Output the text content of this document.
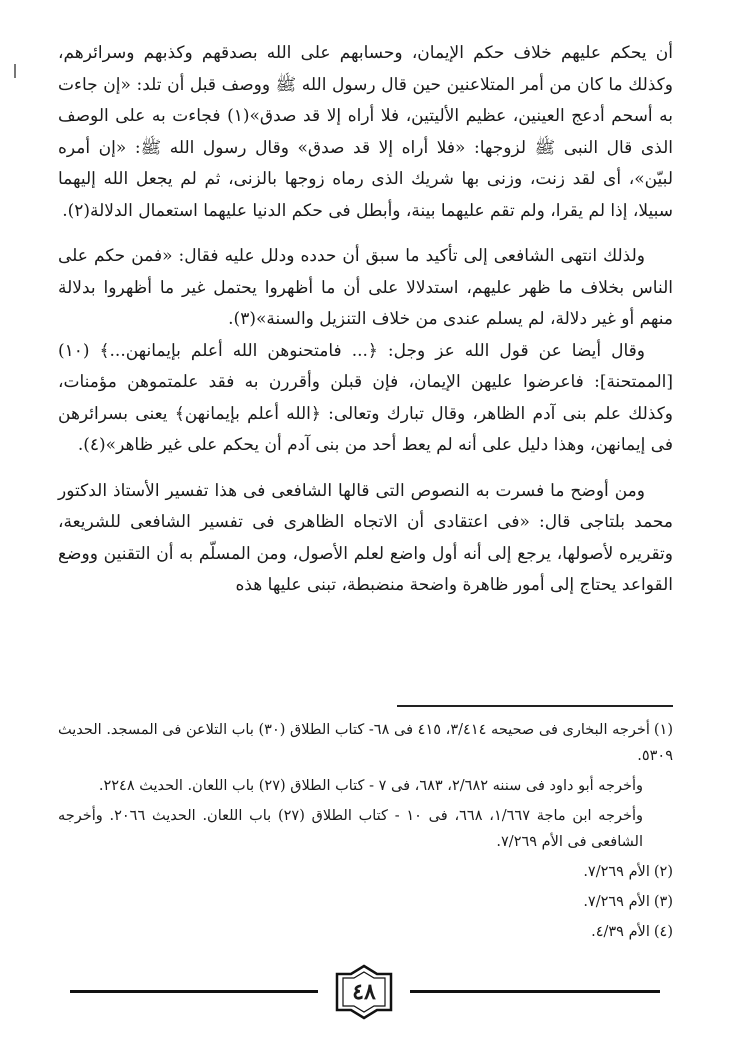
أن يحكم عليهم خلاف حكم الإيمان، وحسابهم على الله بصدقهم وكذبهم وسرائرهم، وكذلك ما كان من أمر المتلاعنين حين قال رسول الله ﷺ ووصف قبل أن تلد: «إن جاءت به أسحم أدعج العينين، عظيم الأليتين، فلا أراه إلا قد صدق»(١) فجاءت به على الوصف الذى قال النبى ﷺ لزوجها: «فلا أراه إلا قد صدق» وقال رسول الله ﷺ: «إن أمره لبيّن»، أى لقد زنت، وزنى بها شريك الذى رماه زوجها بالزنى، ثم لم يجعل الله إليهما سبيلا، إذا لم يقرا، ولم تقم عليهما بينة، وأبطل فى حكم الدنيا عليهما استعمال الدلالة(٢).

ولذلك انتهى الشافعى إلى تأكيد ما سبق أن حدده ودلل عليه فقال: «فمن حكم على الناس بخلاف ما ظهر عليهم، استدلالا على أن ما أظهروا يحتمل غير ما أظهروا بدلالة منهم أو غير دلالة، لم يسلم عندى من خلاف التنزيل والسنة»(٣).

وقال أيضا عن قول الله عز وجل: ﴿... فامتحنوهن الله أعلم بإيمانهن...﴾ (١٠) [الممتحنة]: فاعرضوا عليهن الإيمان، فإن قبلن وأقررن به فقد علمتموهن مؤمنات، وكذلك علم بنى آدم الظاهر، وقال تبارك وتعالى: ﴿الله أعلم بإيمانهن﴾ يعنى بسرائرهن فى إيمانهن، وهذا دليل على أنه لم يعط أحد من بنى آدم أن يحكم على غير ظاهر»(٤).

ومن أوضح ما فسرت به النصوص التى قالها الشافعى فى هذا تفسير الأستاذ الدكتور محمد بلتاجى قال: «فى اعتقادى أن الاتجاه الظاهرى فى تفسير الشافعى للشريعة، وتقريره لأصولها، يرجع إلى أنه أول واضع لعلم الأصول، ومن المسلّم به أن التقنين ووضع القواعد يحتاج إلى أمور ظاهرة واضحة منضبطة، تبنى عليها هذه

(١)أخرجه البخارى فى صحيحه ٣/٤١٤، ٤١٥ فى ٦٨- كتاب الطلاق (٣٠) باب التلاعن فى المسجد. الحديث ٥٣٠٩.

وأخرجه أبو داود فى سننه ٢/٦٨٢، ٦٨٣، فى ٧ - كتاب الطلاق (٢٧) باب اللعان. الحديث ٢٢٤٨.

وأخرجه ابن ماجة ١/٦٦٧، ٦٦٨، فى ١٠ - كتاب الطلاق (٢٧) باب اللعان. الحديث ٢٠٦٦. وأخرجه الشافعى فى الأم ٧/٢٦٩.

(٢)الأم ٧/٢٦٩.

(٣)الأم ٧/٢٦٩.

(٤)الأم ٤/٣٩.

٤٨
